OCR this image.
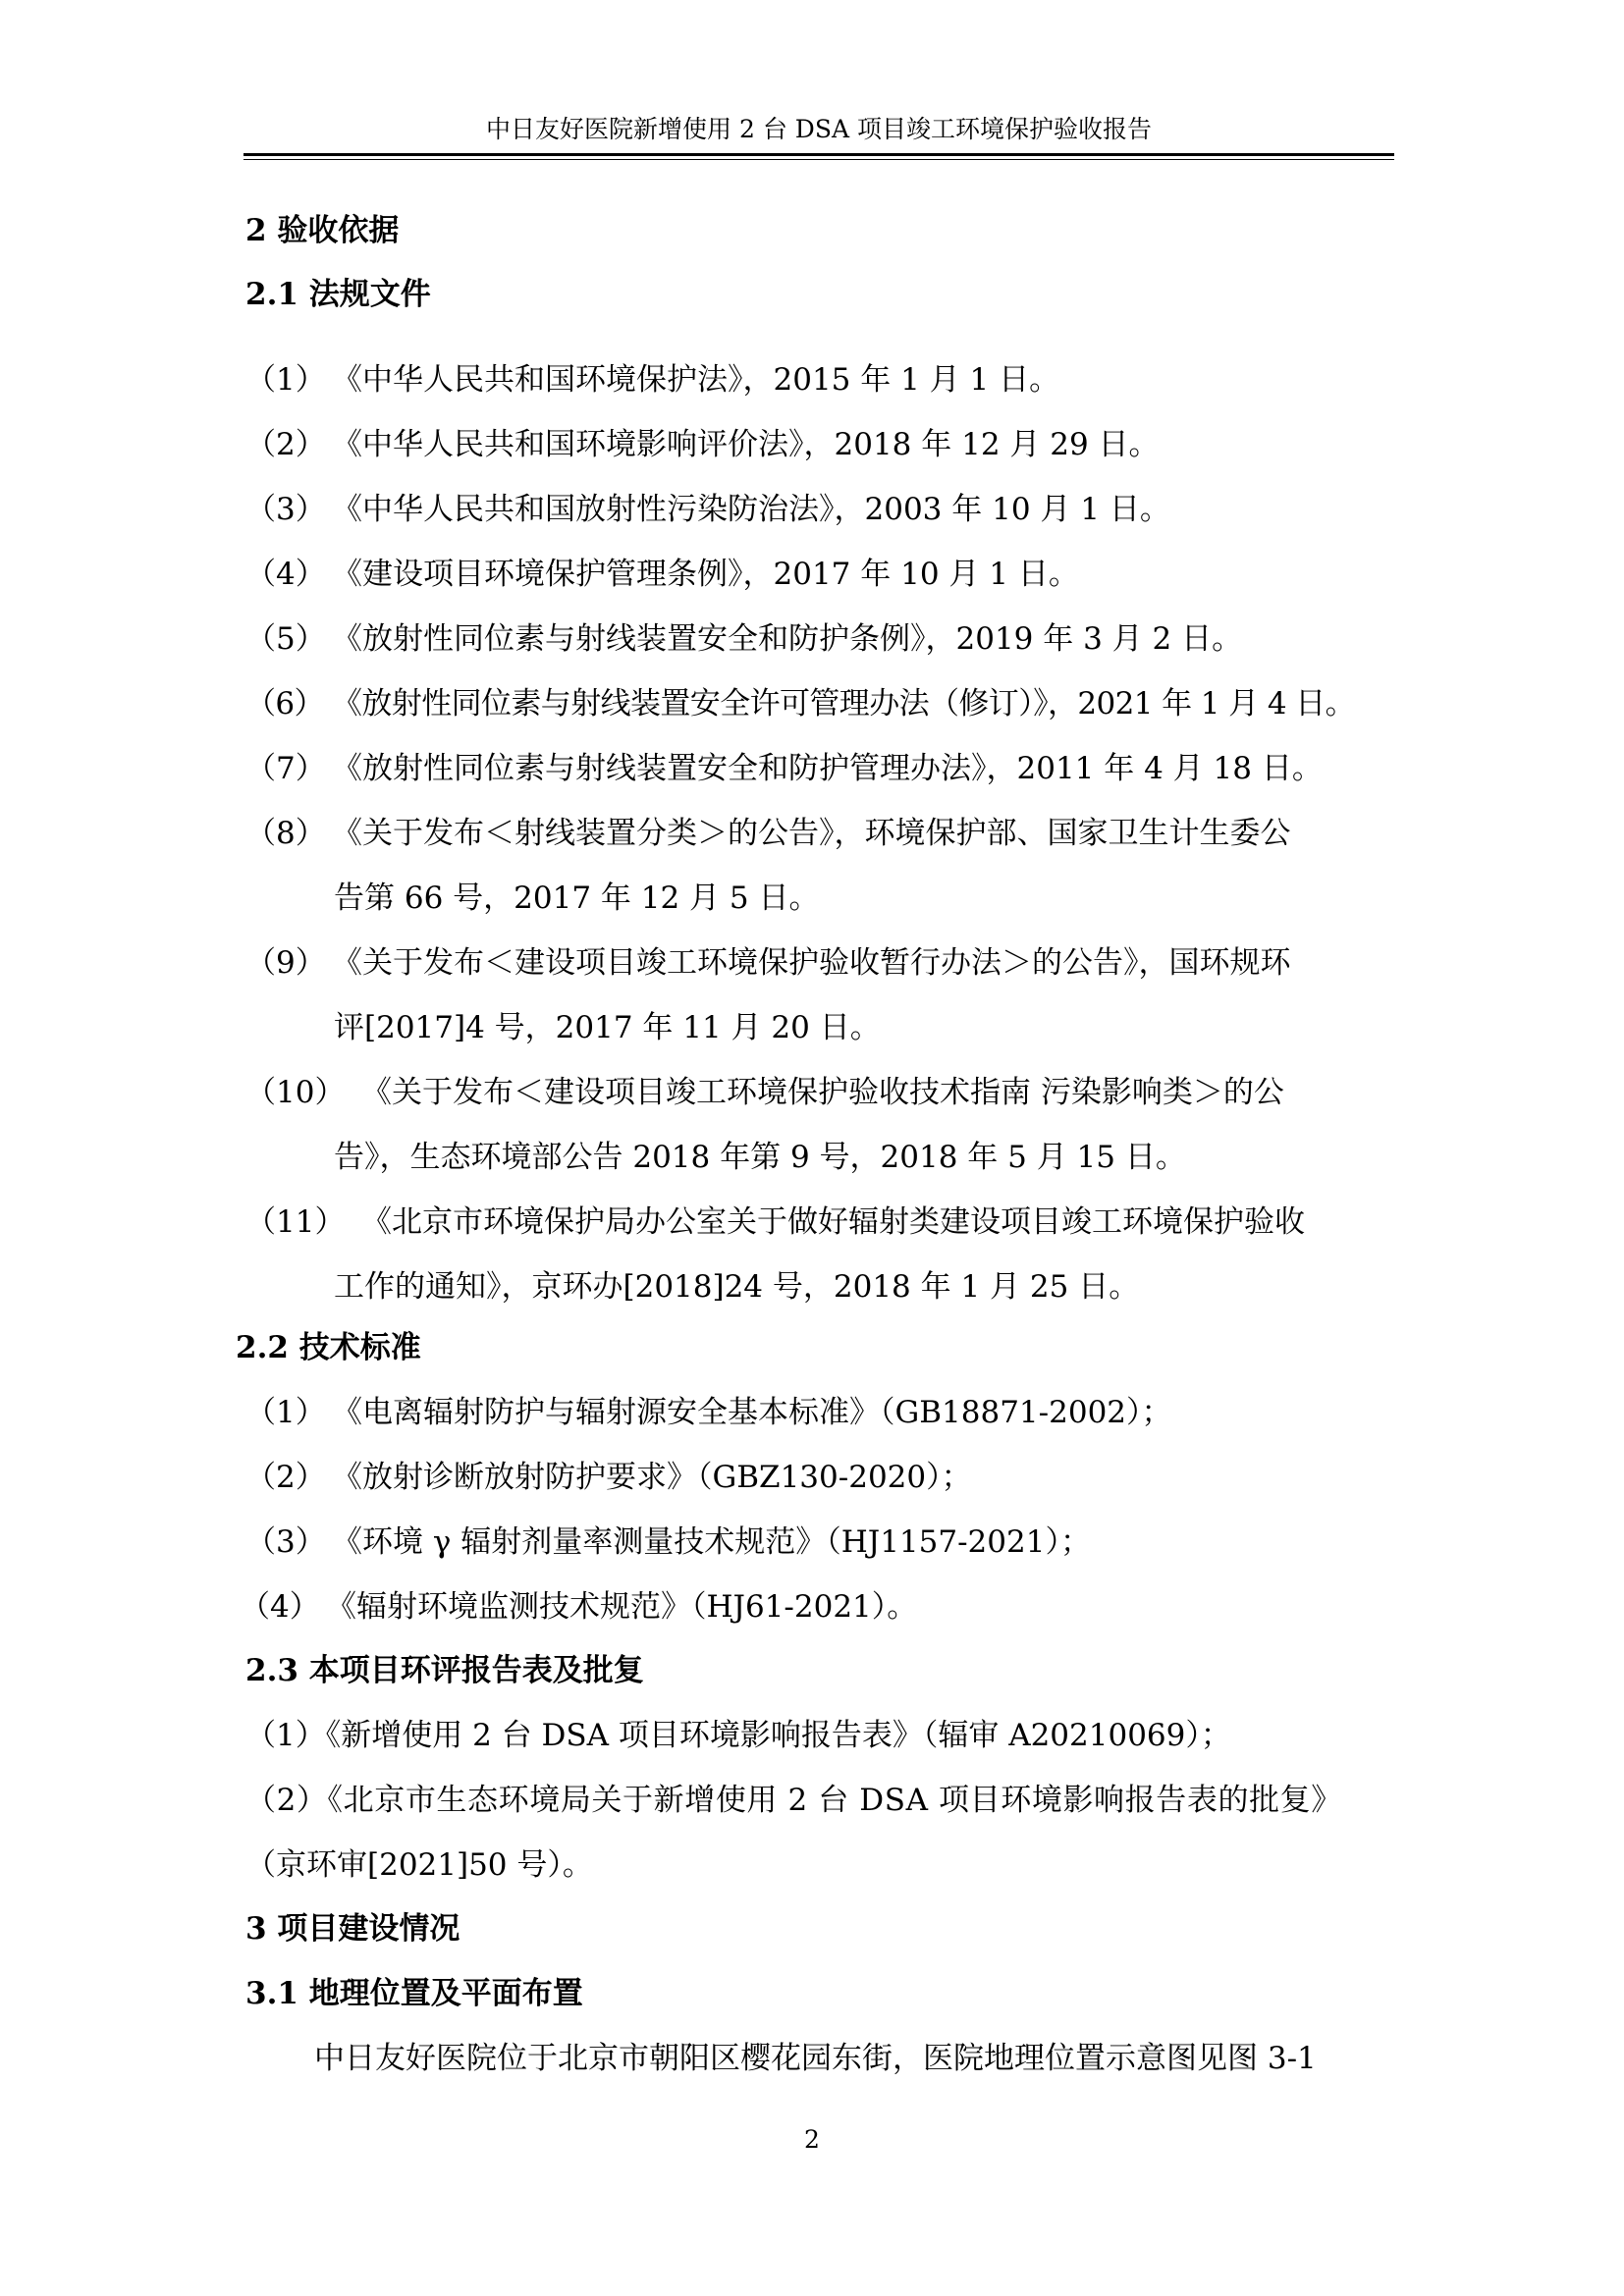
中日友好医院新增使用 2 台 DSA 项目竣工环境保护验收报告
2 验收依据
2.1 法规文件
（1） 《中华人民共和国环境保护法》，2015 年 1 月 1 日。
（2） 《中华人民共和国环境影响评价法》，2018 年 12 月 29 日。
（3） 《中华人民共和国放射性污染防治法》，2003 年 10 月 1 日。
（4） 《建设项目环境保护管理条例》，2017 年 10 月 1 日。
（5） 《放射性同位素与射线装置安全和防护条例》，2019 年 3 月 2 日。
（6） 《放射性同位素与射线装置安全许可管理办法（修订）》，2021 年 1 月 4 日。
（7） 《放射性同位素与射线装置安全和防护管理办法》，2011 年 4 月 18 日。
（8） 《关于发布＜射线装置分类＞的公告》，环境保护部、国家卫生计生委公
告第 66 号，2017 年 12 月 5 日。
（9） 《关于发布＜建设项目竣工环境保护验收暂行办法＞的公告》，国环规环
评[2017]4 号，2017 年 11 月 20 日。
（10） 《关于发布＜建设项目竣工环境保护验收技术指南 污染影响类＞的公
告》，生态环境部公告 2018 年第 9 号，2018 年 5 月 15 日。
（11） 《北京市环境保护局办公室关于做好辐射类建设项目竣工环境保护验收
工作的通知》，京环办[2018]24 号，2018 年 1 月 25 日。
2.2 技术标准
（1） 《电离辐射防护与辐射源安全基本标准》（GB18871-2002）；
（2） 《放射诊断放射防护要求》（GBZ130-2020）；
（3） 《环境 γ 辐射剂量率测量技术规范》（HJ1157-2021）；
（4） 《辐射环境监测技术规范》（HJ61-2021）。
2.3 本项目环评报告表及批复
（1）《新增使用 2 台 DSA 项目环境影响报告表》（辐审 A20210069）；
（2）《北京市生态环境局关于新增使用 2 台 DSA 项目环境影响报告表的批复》
（京环审[2021]50 号）。
3 项目建设情况
3.1 地理位置及平面布置
中日友好医院位于北京市朝阳区樱花园东街，医院地理位置示意图见图 3-1
2
